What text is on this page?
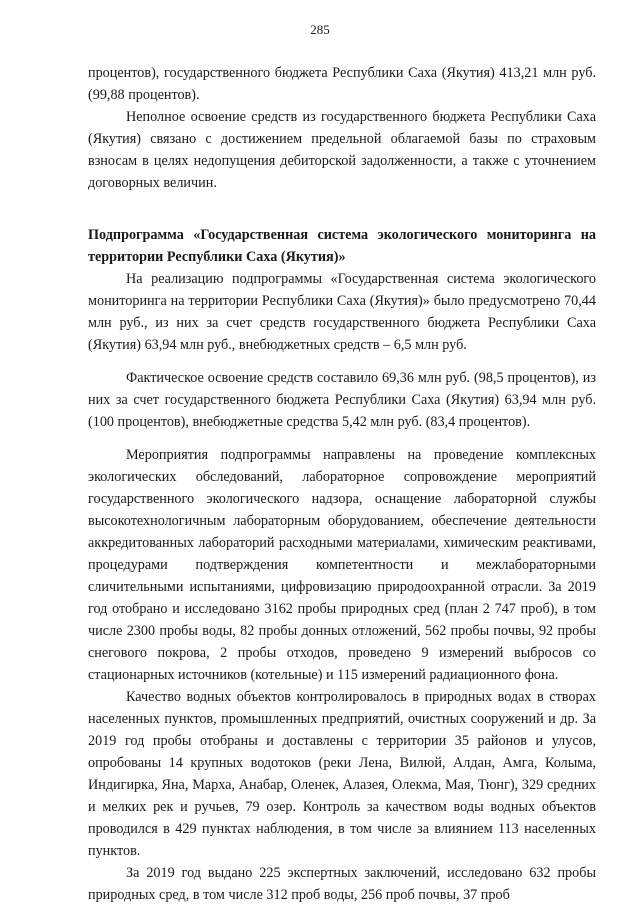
285

процентов), государственного бюджета Республики Саха (Якутия) 413,21 млн руб. (99,88 процентов).

Неполное освоение средств из государственного бюджета Республики Саха (Якутия) связано с достижением предельной облагаемой базы по страховым взносам в целях недопущения дебиторской задолженности, а также с уточнением договорных величин.

Подпрограмма «Государственная система экологического мониторинга на территории Республики Саха (Якутия)»

На реализацию подпрограммы «Государственная система экологического мониторинга на территории Республики Саха (Якутия)» было предусмотрено 70,44 млн руб., из них за счет средств государственного бюджета Республики Саха (Якутия) 63,94 млн руб., внебюджетных средств – 6,5 млн руб.

Фактическое освоение средств составило 69,36 млн руб. (98,5 процентов), из них за счет государственного бюджета Республики Саха (Якутия) 63,94 млн руб. (100 процентов), внебюджетные средства 5,42 млн руб. (83,4 процентов).

Мероприятия подпрограммы направлены на проведение комплексных экологических обследований, лабораторное сопровождение мероприятий государственного экологического надзора, оснащение лабораторной службы высокотехнологичным лабораторным оборудованием, обеспечение деятельности аккредитованных лабораторий расходными материалами, химическим реактивами, процедурами подтверждения компетентности и межлабораторными сличительными испытаниями, цифровизацию природоохранной отрасли. За 2019 год отобрано и исследовано 3162 пробы природных сред (план 2 747 проб), в том числе 2300 пробы воды, 82 пробы донных отложений, 562 пробы почвы, 92 пробы снегового покрова, 2 пробы отходов, проведено 9 измерений выбросов со стационарных источников (котельные) и 115 измерений радиационного фона.

Качество водных объектов контролировалось в природных водах в створах населенных пунктов, промышленных предприятий, очистных сооружений и др. За 2019 год пробы отобраны и доставлены с территории 35 районов и улусов, опробованы 14 крупных водотоков (реки Лена, Вилюй, Алдан, Амга, Колыма, Индигирка, Яна, Марха, Анабар, Оленек, Алазея, Олекма, Мая, Тюнг), 329 средних и мелких рек и ручьев, 79 озер. Контроль за качеством воды водных объектов проводился в 429 пунктах наблюдения, в том числе за влиянием 113 населенных пунктов.

За 2019 год выдано 225 экспертных заключений, исследовано 632 пробы природных сред, в том числе 312 проб воды, 256 проб почвы, 37 проб
